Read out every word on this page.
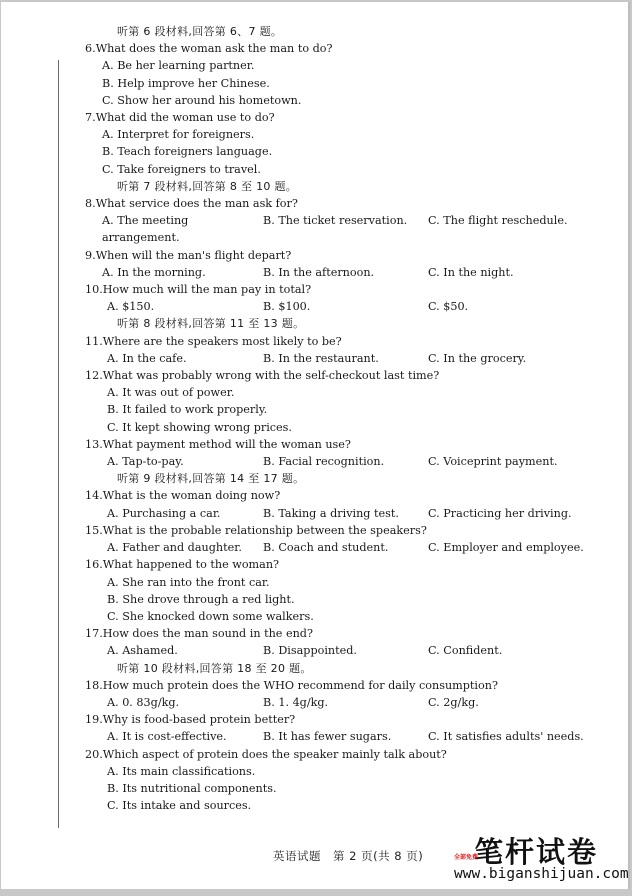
听第 6 段材料,回答第 6、7 题。
6.What does the woman ask the man to do?
A. Be her learning partner.
B. Help improve her Chinese.
C. Show her around his hometown.
7.What did the woman use to do?
A. Interpret for foreigners.
B. Teach foreigners language.
C. Take foreigners to travel.
听第 7 段材料,回答第 8 至 10 题。
8.What service does the man ask for?
A. The meeting arrangement.
B. The ticket reservation.	C. The flight reschedule.
9.When will the man's flight depart?
A. In the morning.	B. In the afternoon.	C. In the night.
10.How much will the man pay in total?
A. $150.	B. $100.	C. $50.
听第 8 段材料,回答第 11 至 13 题。
11.Where are the speakers most likely to be?
A. In the cafe.	B. In the restaurant.	C. In the grocery.
12.What was probably wrong with the self-checkout last time?
A. It was out of power.
B. It failed to work properly.
C. It kept showing wrong prices.
13.What payment method will the woman use?
A. Tap-to-pay.	B. Facial recognition.	C. Voiceprint payment.
听第 9 段材料,回答第 14 至 17 题。
14.What is the woman doing now?
A. Purchasing a car.	B. Taking a driving test.	C. Practicing her driving.
15.What is the probable relationship between the speakers?
A. Father and daughter.	B. Coach and student.	C. Employer and employee.
16.What happened to the woman?
A. She ran into the front car.
B. She drove through a red light.
C. She knocked down some walkers.
17.How does the man sound in the end?
A. Ashamed.	B. Disappointed.	C. Confident.
听第 10 段材料,回答第 18 至 20 题。
18.How much protein does the WHO recommend for daily consumption?
A. 0. 83g/kg.	B. 1. 4g/kg.	C. 2g/kg.
19.Why is food-based protein better?
A. It is cost-effective.	B. It has fewer sugars.	C. It satisfies adults' needs.
20.Which aspect of protein does the speaker mainly talk about?
A. Its main classifications.
B. Its nutritional components.
C. Its intake and sources.
英语试题　第 2 页(共 8 页) 笔杆试卷
全部免费
www.biganshijuan.com
